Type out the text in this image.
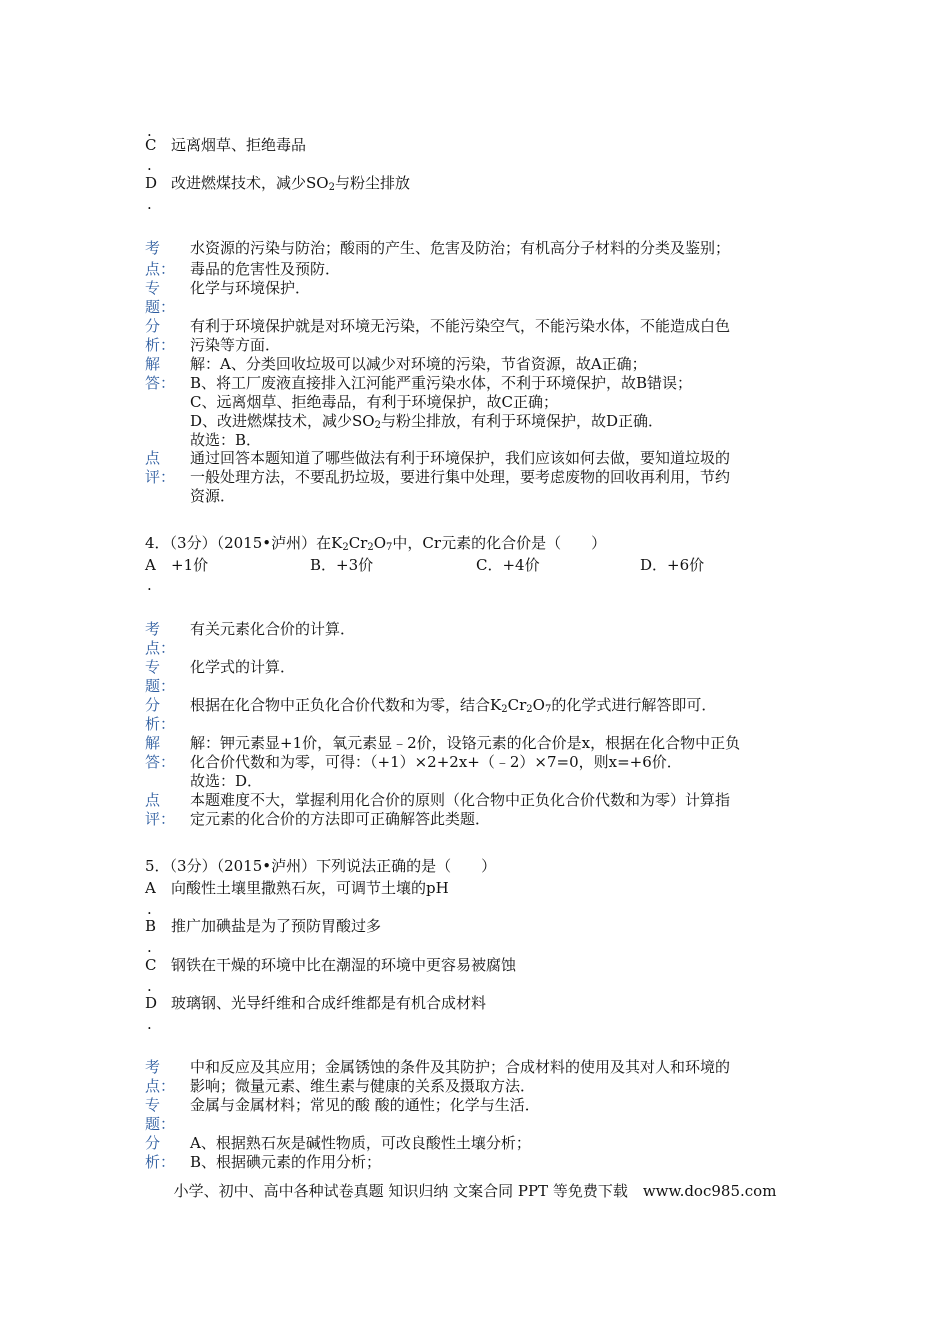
.
C 远离烟草、拒绝毒品
.
D 改进燃煤技术，减少$SO_2$与粉尘排放
.
考
点：
水资源的污染与防治；酸雨的产生、危害及防治；有机高分子材料的分类及鉴别；
毒品的危害性及预防．
专
题：
化学与环境保护．
分
析：
有利于环境保护就是对环境无污染，不能污染空气，不能污染水体，不能造成白色
污染等方面．
解
答：
解：A、分类回收垃圾可以减少对环境的污染，节省资源，故A正确；
B、将工厂废液直接排入江河能严重污染水体，不利于环境保护，故B错误；
C、远离烟草、拒绝毒品，有利于环境保护，故C正确；
D、改进燃煤技术，减少$SO_2$与粉尘排放，有利于环境保护，故D正确．
故选：B．
点
评：
通过回答本题知道了哪些做法有利于环境保护，我们应该如何去做，要知道垃圾的
一般处理方法，不要乱扔垃圾，要进行集中处理，要考虑废物的回收再利用，节约
资源．
4．（3分）（2015•泸州）在$K_2Cr_2O_7$中，Cr元素的化合价是（　　）
A +1价	B．+3价	C．+4价	D．+6价
.
考
点：
有关元素化合价的计算．
专
题：
化学式的计算．
分
析：
根据在化合物中正负化合价代数和为零，结合$K_2Cr_2O_7$的化学式进行解答即可．
解
答：
解：钾元素显+1价，氧元素显﹣2价，设铬元素的化合价是x，根据在化合物中正负
化合价代数和为零，可得：（+1）×2+2x+（﹣2）×7=0，则x=+6价．
故选：D．
点
评：
本题难度不大，掌握利用化合价的原则（化合物中正负化合价代数和为零）计算指
定元素的化合价的方法即可正确解答此类题．
5．（3分）（2015•泸州）下列说法正确的是（　　）
A 向酸性土壤里撒熟石灰，可调节土壤的pH
.
B 推广加碘盐是为了预防胃酸过多
.
C 钢铁在干燥的环境中比在潮湿的环境中更容易被腐蚀
.
D 玻璃钢、光导纤维和合成纤维都是有机合成材料
.
考
点：
中和反应及其应用；金属锈蚀的条件及其防护；合成材料的使用及其对人和环境的
影响；微量元素、维生素与健康的关系及摄取方法．
专
题：
金属与金属材料；常见的酸 酸的通性；化学与生活．
分
析：
A、根据熟石灰是碱性物质，可改良酸性土壤分析；
B、根据碘元素的作用分析；
小学、初中、高中各种试卷真题 知识归纳 文案合同 PPT 等免费下载　www.doc985.com
